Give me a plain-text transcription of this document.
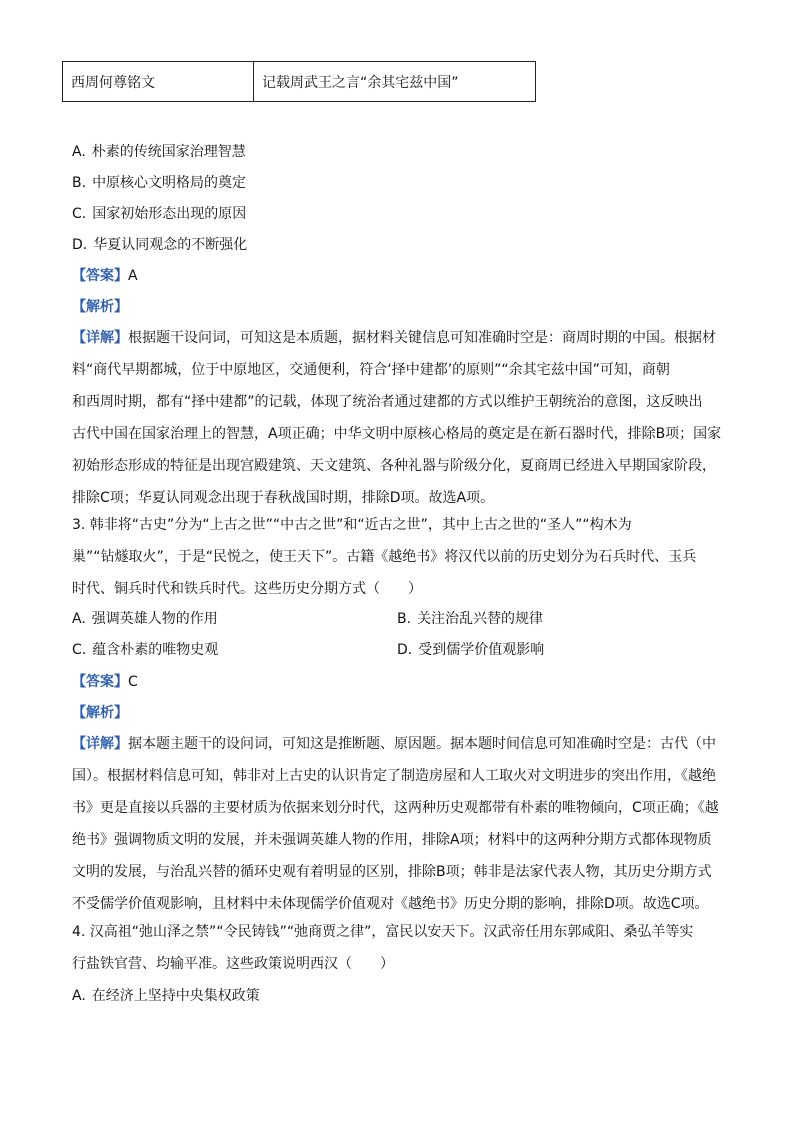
西周何尊铭文	记载周武王之言“余其宅兹中国”
A. 朴素的传统国家治理智慧
B. 中原核心文明格局的奠定
C. 国家初始形态出现的原因
D. 华夏认同观念的不断强化
【答案】A
【解析】
【详解】根据题干设问词，可知这是本质题，据材料关键信息可知准确时空是：商周时期的中国。根据材
料“商代早期都城，位于中原地区，交通便利，符合‘择中建都’的原则”“余其宅兹中国”可知，商朝
和西周时期，都有“择中建都”的记载，体现了统治者通过建都的方式以维护王朝统治的意图，这反映出
古代中国在国家治理上的智慧，A项正确；中华文明中原核心格局的奠定是在新石器时代，排除B项；国家
初始形态形成的特征是出现宫殿建筑、天文建筑、各种礼器与阶级分化，夏商周已经进入早期国家阶段，
排除C项；华夏认同观念出现于春秋战国时期，排除D项。故选A项。
3. 韩非将“古史”分为“上古之世”“中古之世”和“近古之世”，其中上古之世的“圣人”“构木为
巢”“钻燧取火”，于是“民悦之，使王天下”。古籍《越绝书》将汉代以前的历史划分为石兵时代、玉兵
时代、铜兵时代和铁兵时代。这些历史分期方式（　　）
A. 强调英雄人物的作用	B. 关注治乱兴替的规律
C. 蕴含朴素的唯物史观	D. 受到儒学价值观影响
【答案】C
【解析】
【详解】据本题主题干的设问词，可知这是推断题、原因题。据本题时间信息可知准确时空是：古代（中
国）。根据材料信息可知，韩非对上古史的认识肯定了制造房屋和人工取火对文明进步的突出作用，《越绝
书》更是直接以兵器的主要材质为依据来划分时代，这两种历史观都带有朴素的唯物倾向，C项正确；《越
绝书》强调物质文明的发展，并未强调英雄人物的作用，排除A项；材料中的这两种分期方式都体现物质
文明的发展，与治乱兴替的循环史观有着明显的区别，排除B项；韩非是法家代表人物，其历史分期方式
不受儒学价值观影响，且材料中未体现儒学价值观对《越绝书》历史分期的影响，排除D项。故选C项。
4. 汉高祖“弛山泽之禁”“令民铸钱”“弛商贾之律”，富民以安天下。汉武帝任用东郭咸阳、桑弘羊等实
行盐铁官营、均输平准。这些政策说明西汉（　　）
A. 在经济上坚持中央集权政策
